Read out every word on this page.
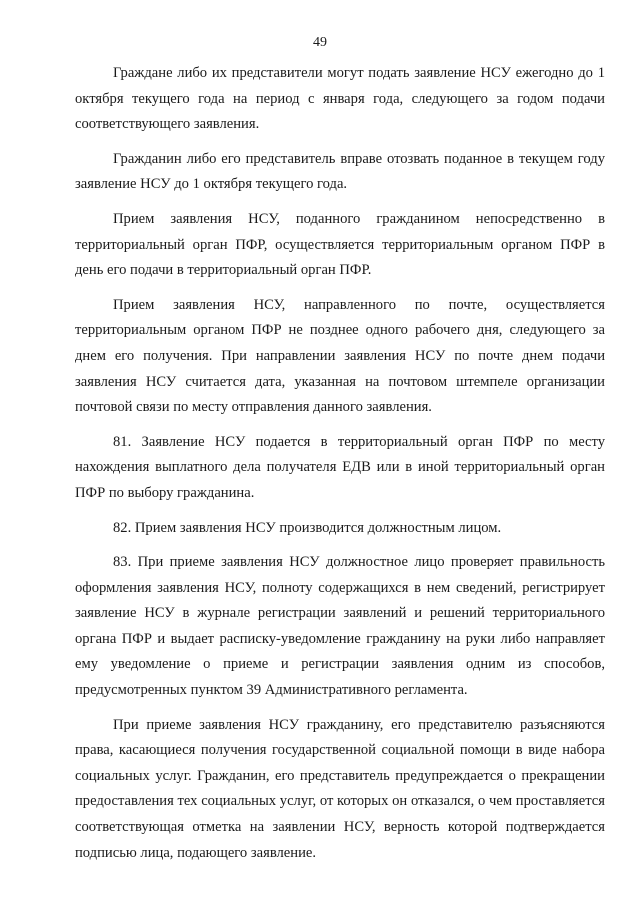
49

Граждане либо их представители могут подать заявление НСУ ежегодно до 1 октября текущего года на период с января года, следующего за годом подачи соответствующего заявления.

Гражданин либо его представитель вправе отозвать поданное в текущем году заявление НСУ до 1 октября текущего года.

Прием заявления НСУ, поданного гражданином непосредственно в территориальный орган ПФР, осуществляется территориальным органом ПФР в день его подачи в территориальный орган ПФР.

Прием заявления НСУ, направленного по почте, осуществляется территориальным органом ПФР не позднее одного рабочего дня, следующего за днем его получения. При направлении заявления НСУ по почте днем подачи заявления НСУ считается дата, указанная на почтовом штемпеле организации почтовой связи по месту отправления данного заявления.

81. Заявление НСУ подается в территориальный орган ПФР по месту нахождения выплатного дела получателя ЕДВ или в иной территориальный орган ПФР по выбору гражданина.

82. Прием заявления НСУ производится должностным лицом.

83. При приеме заявления НСУ должностное лицо проверяет правильность оформления заявления НСУ, полноту содержащихся в нем сведений, регистрирует заявление НСУ в журнале регистрации заявлений и решений территориального органа ПФР и выдает расписку-уведомление гражданину на руки либо направляет ему уведомление о приеме и регистрации заявления одним из способов, предусмотренных пунктом 39 Административного регламента.

При приеме заявления НСУ гражданину, его представителю разъясняются права, касающиеся получения государственной социальной помощи в виде набора социальных услуг. Гражданин, его представитель предупреждается о прекращении предоставления тех социальных услуг, от которых он отказался, о чем проставляется соответствующая отметка на заявлении НСУ, верность которой подтверждается подписью лица, подающего заявление.
